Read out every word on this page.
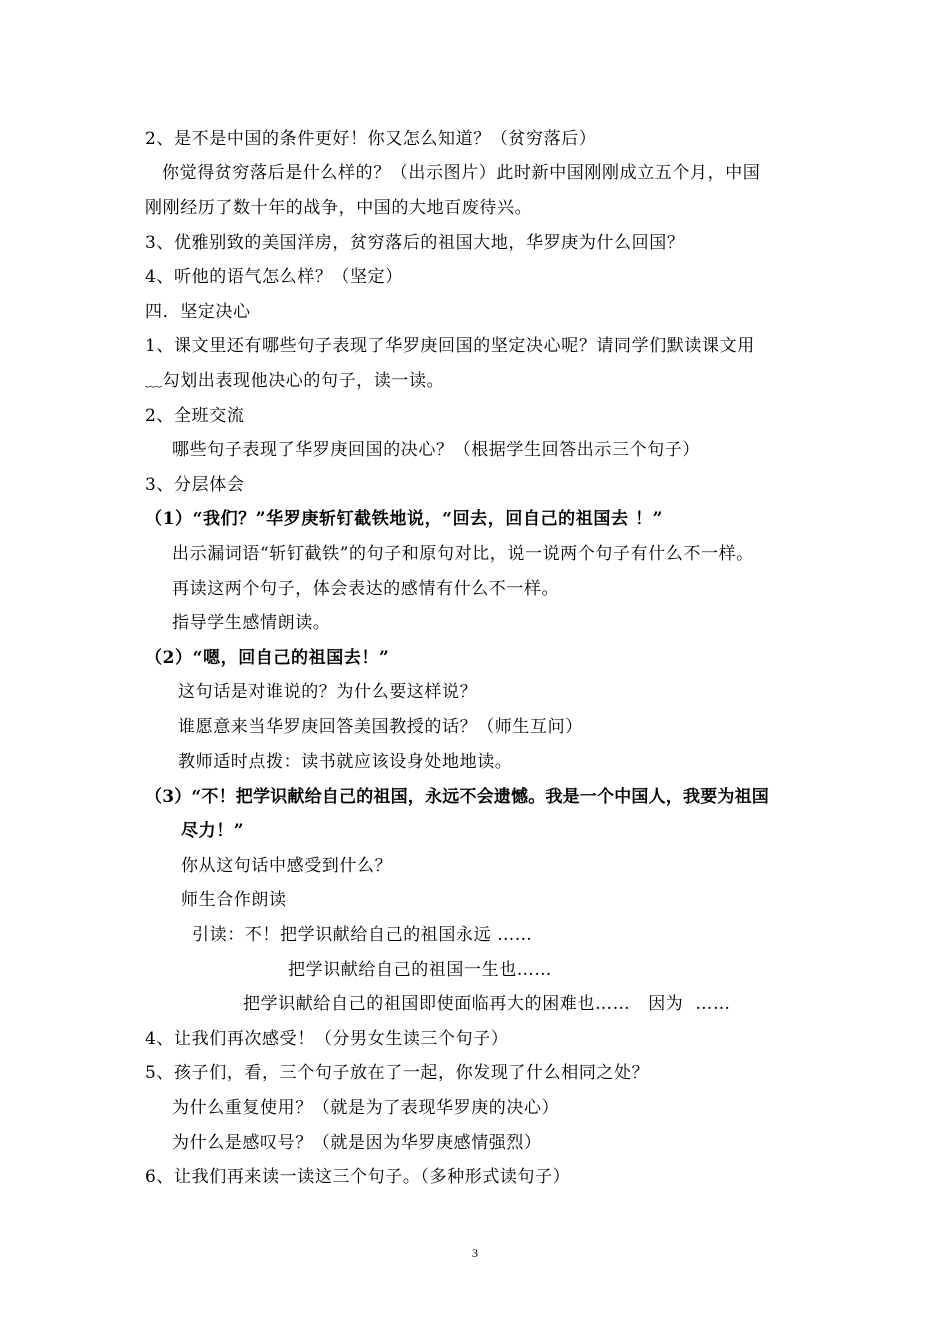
2、是不是中国的条件更好！你又怎么知道？（贫穷落后）
你觉得贫穷落后是什么样的？（出示图片）此时新中国刚刚成立五个月，中国
刚刚经历了数十年的战争，中国的大地百废待兴。
3、优雅别致的美国洋房，贫穷落后的祖国大地，华罗庚为什么回国？
4、听他的语气怎么样？（坚定）
四．坚定决心
1、课文里还有哪些句子表现了华罗庚回国的坚定决心呢？请同学们默读课文用
﹏勾划出表现他决心的句子，读一读。
2、全班交流
哪些句子表现了华罗庚回国的决心？（根据学生回答出示三个句子）
3、分层体会
（1）“我们？”华罗庚斩钉截铁地说，“回去，回自己的祖国去 ！”
出示漏词语“斩钉截铁”的句子和原句对比，说一说两个句子有什么不一样。
再读这两个句子，体会表达的感情有什么不一样。
指导学生感情朗读。
（2）“嗯，回自己的祖国去！”
这句话是对谁说的？为什么要这样说？
谁愿意来当华罗庚回答美国教授的话？（师生互问）
教师适时点拨：读书就应该设身处地地读。
（3）“不！把学识献给自己的祖国，永远不会遗憾。我是一个中国人，我要为祖国
尽力！”
你从这句话中感受到什么？
师生合作朗读
引读：不！把学识献给自己的祖国永远 ……
把学识献给自己的祖国一生也……
把学识献给自己的祖国即使面临再大的困难也……   因为  ……
4、让我们再次感受！（分男女生读三个句子）
5、孩子们，看，三个句子放在了一起，你发现了什么相同之处？
为什么重复使用？（就是为了表现华罗庚的决心）
为什么是感叹号？（就是因为华罗庚感情强烈）
6、让我们再来读一读这三个句子。（多种形式读句子）
3
